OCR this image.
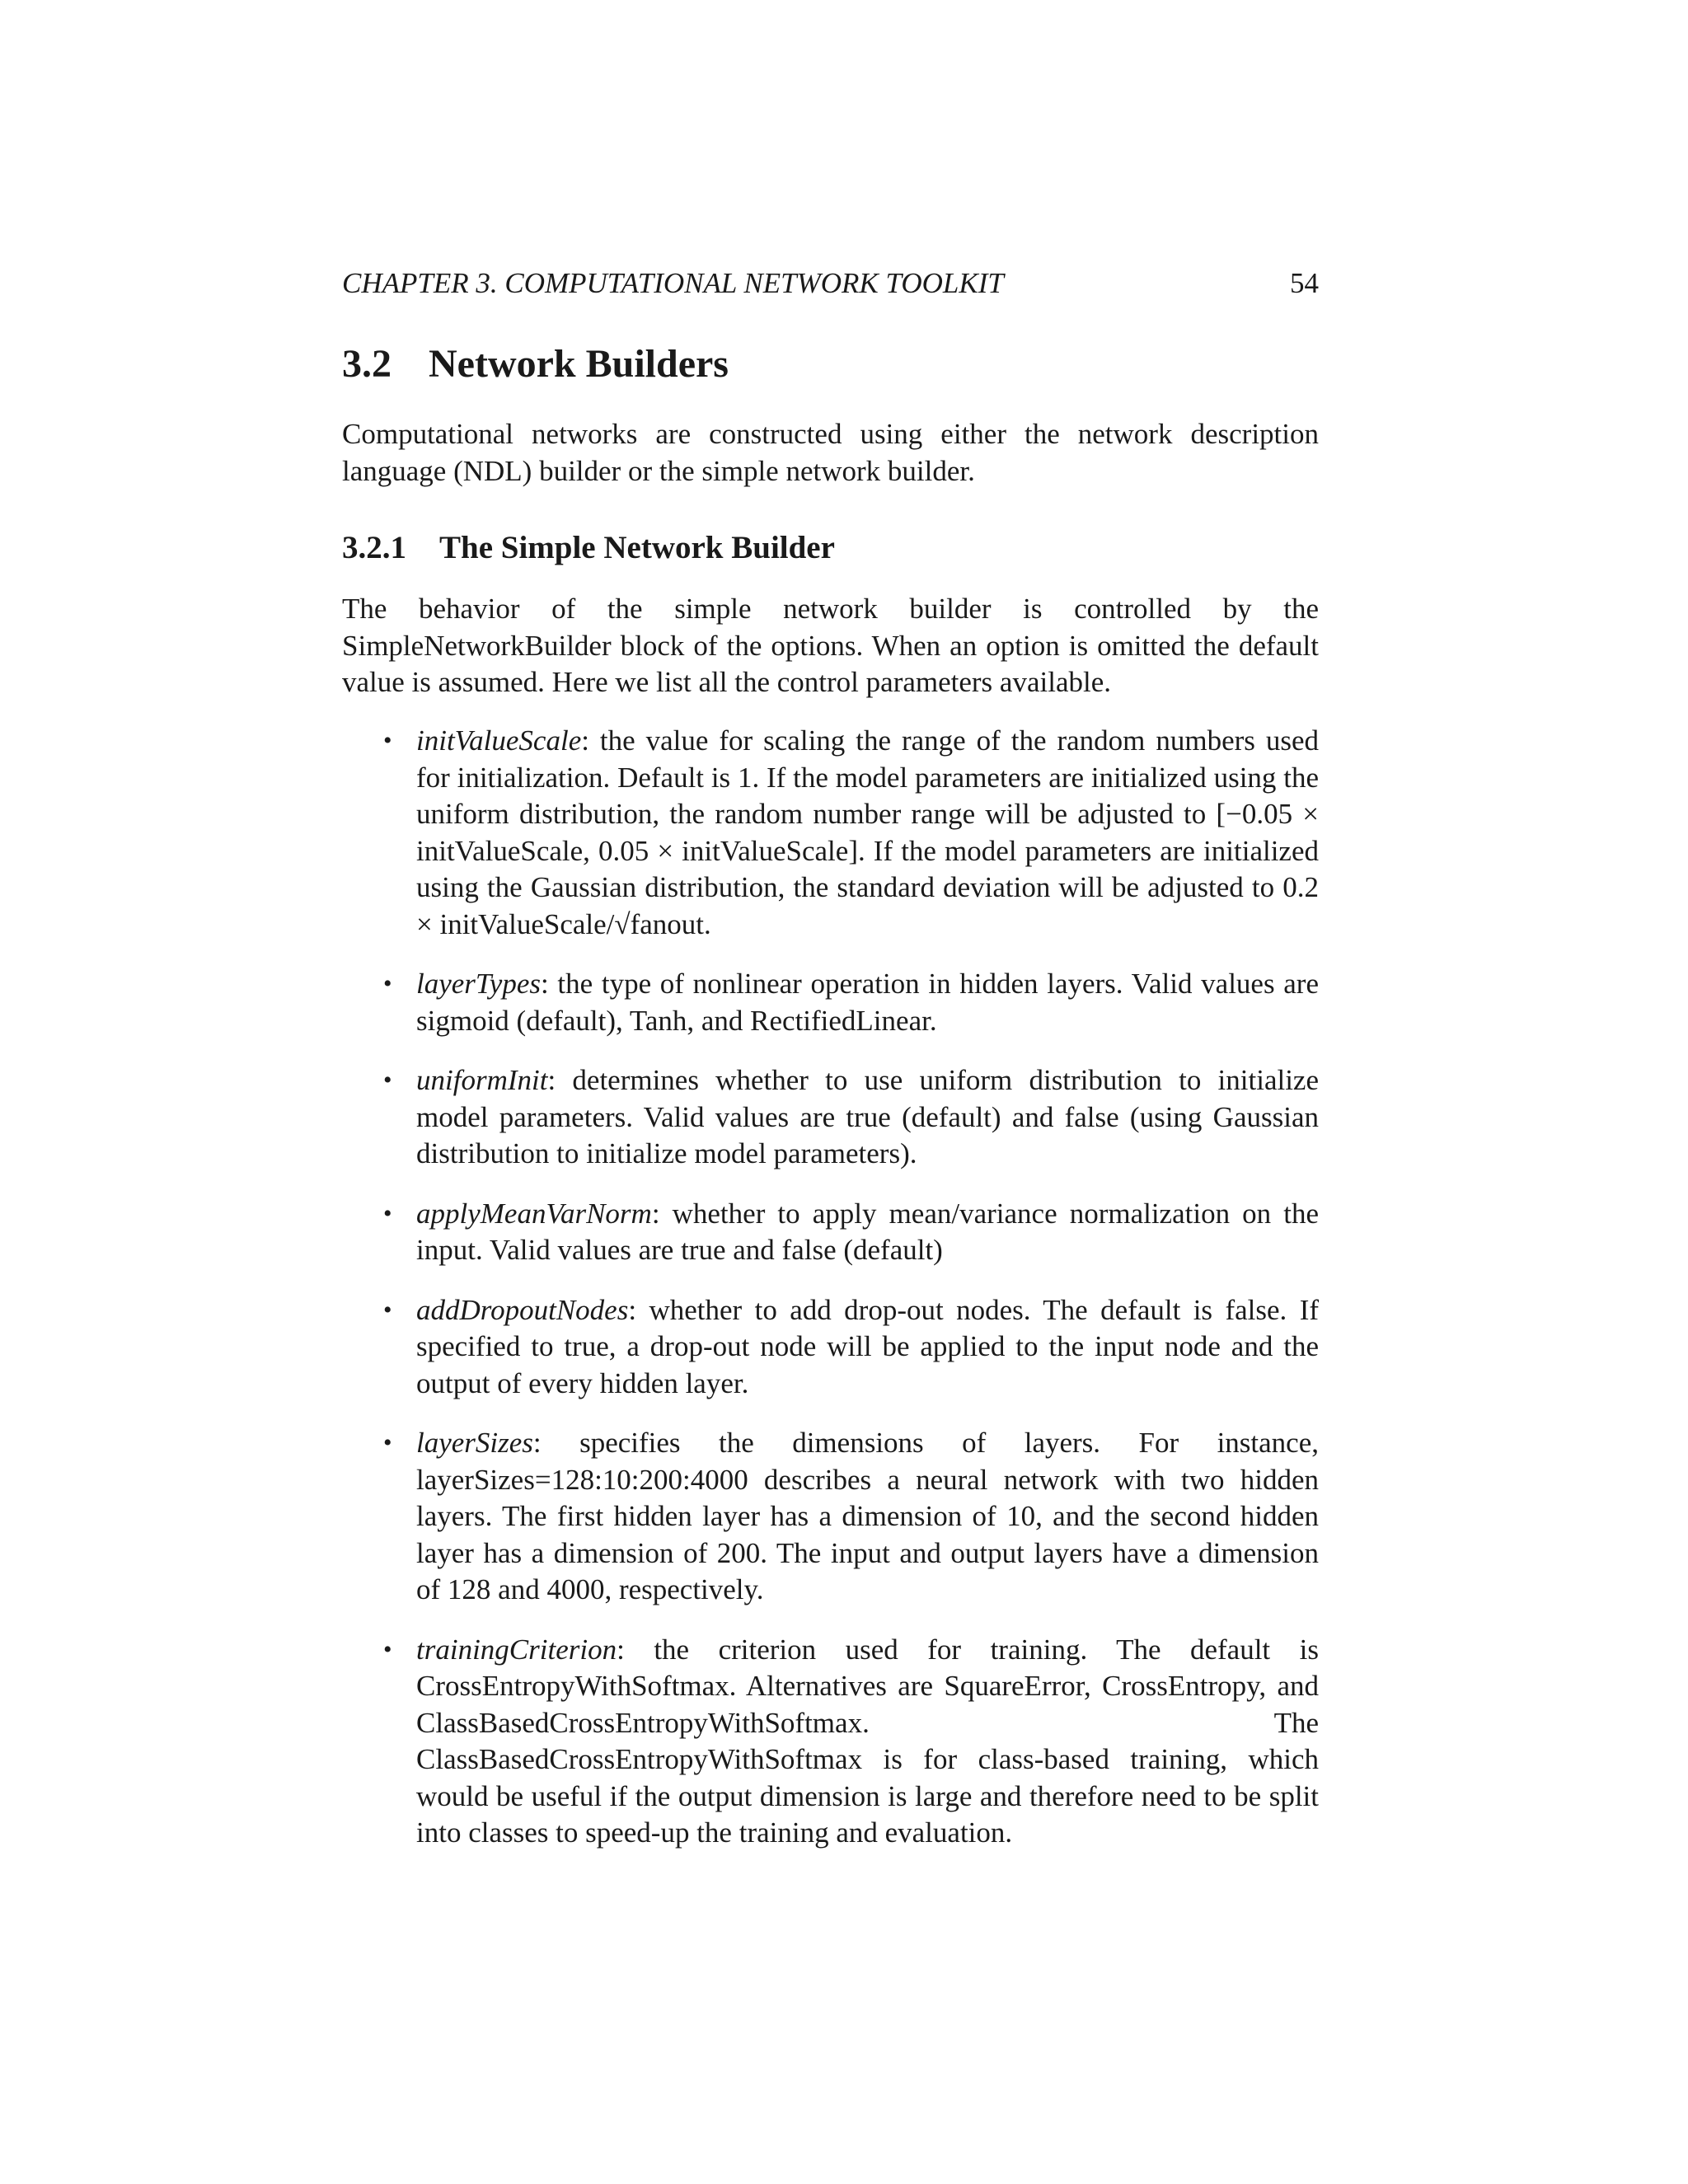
CHAPTER 3. COMPUTATIONAL NETWORK TOOLKIT	54
3.2 Network Builders

Computational networks are constructed using either the network description language (NDL) builder or the simple network builder.

3.2.1 The Simple Network Builder

The behavior of the simple network builder is controlled by the SimpleNetworkBuilder block of the options. When an option is omitted the default value is assumed. Here we list all the control parameters available.

• initValueScale: the value for scaling the range of the random numbers used for initialization. Default is 1. If the model parameters are initialized using the uniform distribution, the random number range will be adjusted to [−0.05 × initValueScale, 0.05 × initValueScale]. If the model parameters are initialized using the Gaussian distribution, the standard deviation will be adjusted to 0.2 × initValueScale/√fanout.
• layerTypes: the type of nonlinear operation in hidden layers. Valid values are sigmoid (default), Tanh, and RectifiedLinear.
• uniformInit: determines whether to use uniform distribution to initialize model parameters. Valid values are true (default) and false (using Gaussian distribution to initialize model parameters).
• applyMeanVarNorm: whether to apply mean/variance normalization on the input. Valid values are true and false (default)
• addDropoutNodes: whether to add drop-out nodes. The default is false. If specified to true, a drop-out node will be applied to the input node and the output of every hidden layer.
• layerSizes: specifies the dimensions of layers. For instance, layerSizes=128:10:200:4000 describes a neural network with two hidden layers. The first hidden layer has a dimension of 10, and the second hidden layer has a dimension of 200. The input and output layers have a dimension of 128 and 4000, respectively.
• trainingCriterion: the criterion used for training. The default is CrossEntropyWithSoftmax. Alternatives are SquareError, CrossEntropy, and ClassBasedCrossEntropyWithSoftmax. The ClassBasedCrossEntropyWithSoftmax is for class-based training, which would be useful if the output dimension is large and therefore need to be split into classes to speed-up the training and evaluation.
